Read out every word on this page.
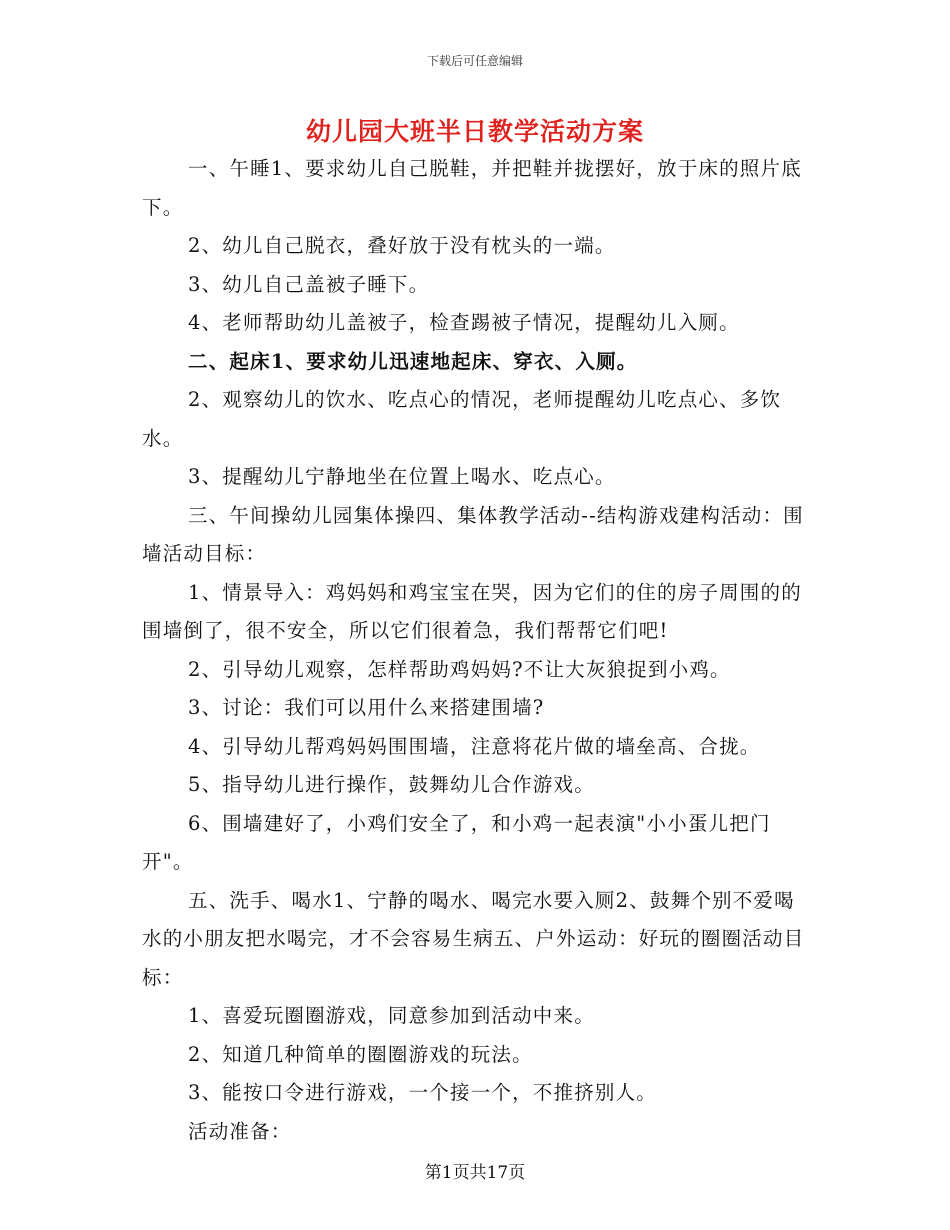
下载后可任意编辑
幼儿园大班半日教学活动方案

一、午睡1、要求幼儿自己脱鞋，并把鞋并拢摆好，放于床的照片底下。

2、幼儿自己脱衣，叠好放于没有枕头的一端。

3、幼儿自己盖被子睡下。

4、老师帮助幼儿盖被子，检查踢被子情况，提醒幼儿入厕。

二、起床1、要求幼儿迅速地起床、穿衣、入厕。

2、观察幼儿的饮水、吃点心的情况，老师提醒幼儿吃点心、多饮水。

3、提醒幼儿宁静地坐在位置上喝水、吃点心。

三、午间操幼儿园集体操四、集体教学活动--结构游戏建构活动：围墙活动目标：

1、情景导入：鸡妈妈和鸡宝宝在哭，因为它们的住的房子周围的的围墙倒了，很不安全，所以它们很着急，我们帮帮它们吧!

2、引导幼儿观察，怎样帮助鸡妈妈?不让大灰狼捉到小鸡。

3、讨论：我们可以用什么来搭建围墙?

4、引导幼儿帮鸡妈妈围围墙，注意将花片做的墙垒高、合拢。

5、指导幼儿进行操作，鼓舞幼儿合作游戏。

6、围墙建好了，小鸡们安全了，和小鸡一起表演"小小蛋儿把门开"。

五、洗手、喝水1、宁静的喝水、喝完水要入厕2、鼓舞个别不爱喝水的小朋友把水喝完，才不会容易生病五、户外运动：好玩的圈圈活动目标：

1、喜爱玩圈圈游戏，同意参加到活动中来。

2、知道几种简单的圈圈游戏的玩法。

3、能按口令进行游戏，一个接一个，不推挤别人。

活动准备：

第1页共17页
